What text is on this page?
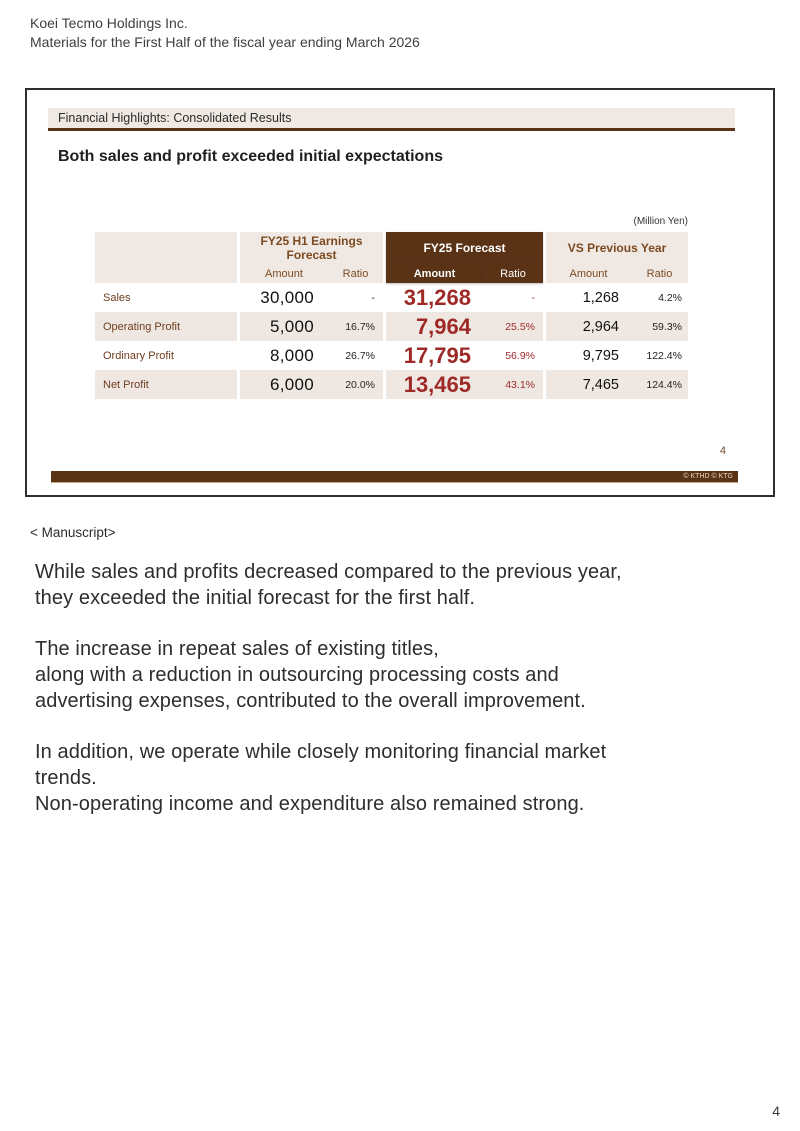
Koei Tecmo Holdings Inc.
Materials for the First Half of the fiscal year ending March 2026
Financial Highlights: Consolidated Results
Both sales and profit exceeded initial expectations
(Million Yen)
FY25 H1 Earnings Forecast
Amount	Ratio
FY25 Forecast
Amount	Ratio
VS Previous Year
Amount	Ratio
Sales	30,000	-	31,268	-	1,268	4.2%
Operating Profit	5,000	16.7%	7,964	25.5%	2,964	59.3%
Ordinary Profit	8,000	26.7%	17,795	56.9%	9,795	122.4%
Net Profit	6,000	20.0%	13,465	43.1%	7,465	124.4%
4
© KTHD © KTG
< Manuscript>
While sales and profits decreased compared to the previous year,
they exceeded the initial forecast for the first half.
The increase in repeat sales of existing titles,
along with a reduction in outsourcing processing costs and
advertising expenses, contributed to the overall improvement.
In addition, we operate while closely monitoring financial market
trends.
Non-operating income and expenditure also remained strong.
4
